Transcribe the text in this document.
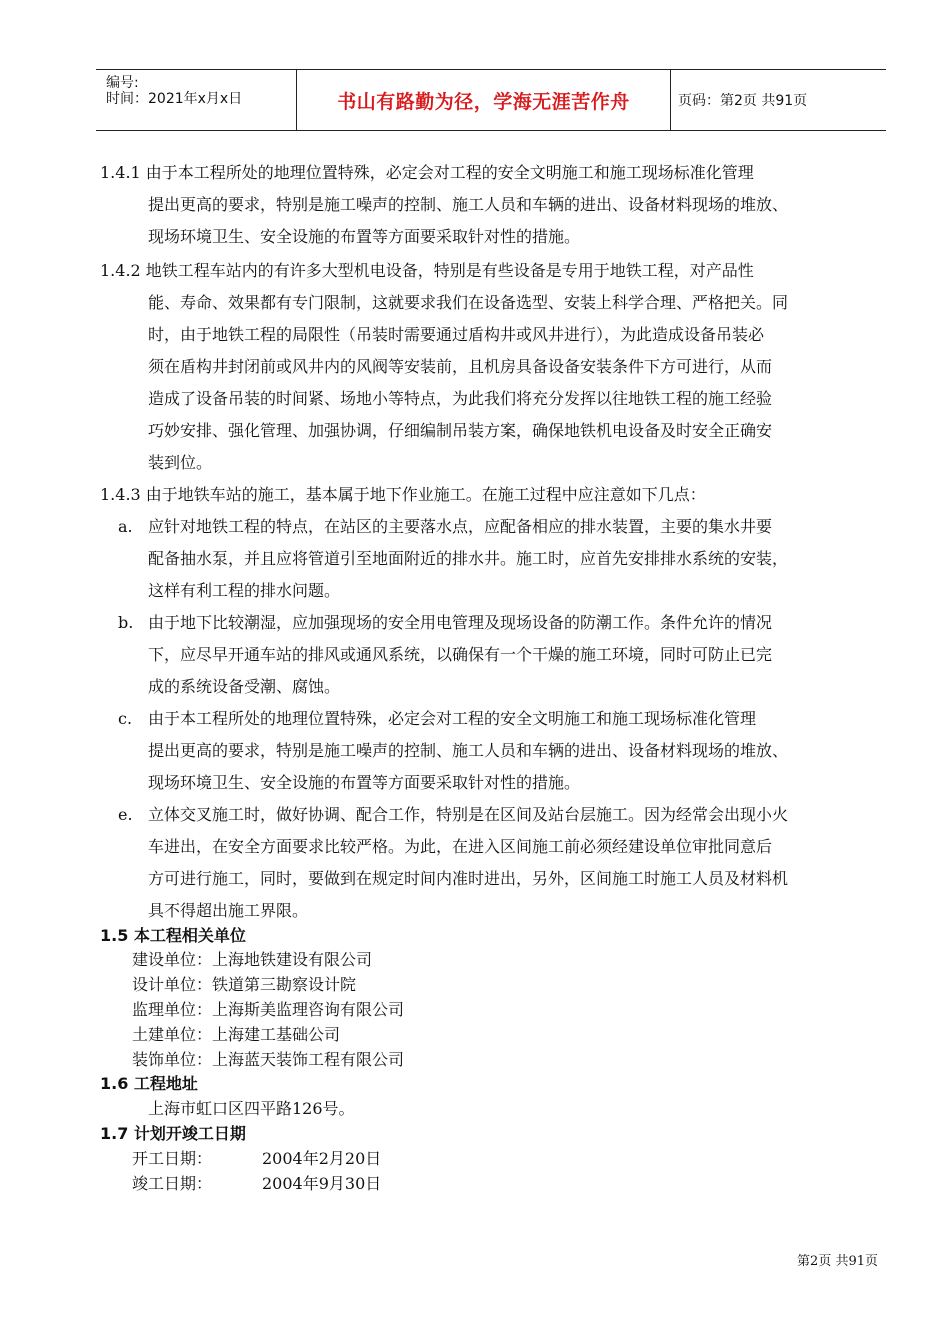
编号:
时间：2021年x月x日	书山有路勤为径，学海无涯苦作舟	页码：第2页 共91页
1.4.1 由于本工程所处的地理位置特殊，必定会对工程的安全文明施工和施工现场标准化管理
提出更高的要求，特别是施工噪声的控制、施工人员和车辆的进出、设备材料现场的堆放、
现场环境卫生、安全设施的布置等方面要采取针对性的措施。
1.4.2 地铁工程车站内的有许多大型机电设备，特别是有些设备是专用于地铁工程，对产品性
能、寿命、效果都有专门限制，这就要求我们在设备选型、安装上科学合理、严格把关。同
时，由于地铁工程的局限性（吊装时需要通过盾构井或风井进行），为此造成设备吊装必
须在盾构井封闭前或风井内的风阀等安装前，且机房具备设备安装条件下方可进行，从而
造成了设备吊装的时间紧、场地小等特点，为此我们将充分发挥以往地铁工程的施工经验
巧妙安排、强化管理、加强协调，仔细编制吊装方案，确保地铁机电设备及时安全正确安
装到位。
1.4.3 由于地铁车站的施工，基本属于地下作业施工。在施工过程中应注意如下几点：
a. 应针对地铁工程的特点，在站区的主要落水点，应配备相应的排水装置，主要的集水井要
配备抽水泵，并且应将管道引至地面附近的排水井。施工时，应首先安排排水系统的安装，
这样有利工程的排水问题。
b. 由于地下比较潮湿，应加强现场的安全用电管理及现场设备的防潮工作。条件允许的情况
下，应尽早开通车站的排风或通风系统，以确保有一个干燥的施工环境，同时可防止已完
成的系统设备受潮、腐蚀。
c. 由于本工程所处的地理位置特殊，必定会对工程的安全文明施工和施工现场标准化管理
提出更高的要求，特别是施工噪声的控制、施工人员和车辆的进出、设备材料现场的堆放、
现场环境卫生、安全设施的布置等方面要采取针对性的措施。
e. 立体交叉施工时，做好协调、配合工作，特别是在区间及站台层施工。因为经常会出现小火
车进出，在安全方面要求比较严格。为此，在进入区间施工前必须经建设单位审批同意后
方可进行施工，同时，要做到在规定时间内准时进出，另外，区间施工时施工人员及材料机
具不得超出施工界限。
1.5 本工程相关单位
建设单位：上海地铁建设有限公司
设计单位：铁道第三勘察设计院
监理单位：上海斯美监理咨询有限公司
土建单位：上海建工基础公司
装饰单位：上海蓝天装饰工程有限公司
1.6 工程地址
上海市虹口区四平路126号。
1.7 计划开竣工日期
开工日期：	2004年2月20日
竣工日期：	2004年9月30日
第2页 共91页
